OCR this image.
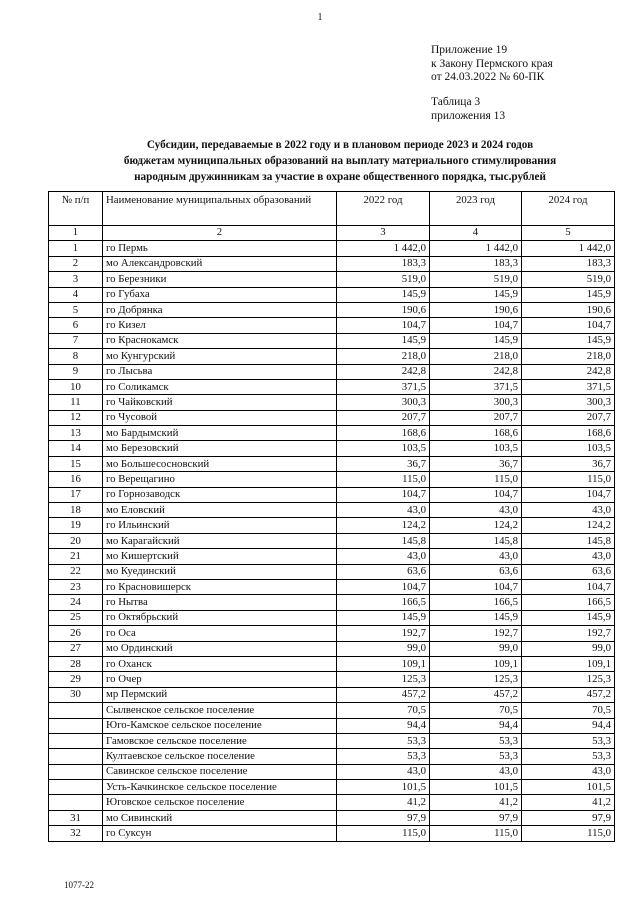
1
Приложение 19
к Закону Пермского края
от 24.03.2022 № 60-ПК
Таблица 3
приложения 13
Субсидии, передаваемые в 2022 году и в плановом периоде 2023 и 2024 годов
бюджетам муниципальных образований на выплату материального стимулирования
народным дружинникам за участие в охране общественного порядка, тыс.рублей
№ п/п	Наименование муниципальных образований	2022 год	2023 год	2024 год
1	2	3	4	5
1	го Пермь	1 442,0	1 442,0	1 442,0
2	мо Александровский	183,3	183,3	183,3
3	го Березники	519,0	519,0	519,0
4	го Губаха	145,9	145,9	145,9
5	го Добрянка	190,6	190,6	190,6
6	го Кизел	104,7	104,7	104,7
7	го Краснокамск	145,9	145,9	145,9
8	мо Кунгурский	218,0	218,0	218,0
9	го Лысьва	242,8	242,8	242,8
10	го Соликамск	371,5	371,5	371,5
11	го Чайковский	300,3	300,3	300,3
12	го Чусовой	207,7	207,7	207,7
13	мо Бардымский	168,6	168,6	168,6
14	мо Березовский	103,5	103,5	103,5
15	мо Большесосновский	36,7	36,7	36,7
16	го Верещагино	115,0	115,0	115,0
17	го Горнозаводск	104,7	104,7	104,7
18	мо Еловский	43,0	43,0	43,0
19	го Ильинский	124,2	124,2	124,2
20	мо Карагайский	145,8	145,8	145,8
21	мо Кишертский	43,0	43,0	43,0
22	мо Куединский	63,6	63,6	63,6
23	го Красновишерск	104,7	104,7	104,7
24	го Нытва	166,5	166,5	166,5
25	го Октябрьский	145,9	145,9	145,9
26	го Оса	192,7	192,7	192,7
27	мо Ординский	99,0	99,0	99,0
28	го Оханск	109,1	109,1	109,1
29	го Очер	125,3	125,3	125,3
30	мр Пермский	457,2	457,2	457,2
	Сылвенское сельское поселение	70,5	70,5	70,5
	Юго-Камское сельское поселение	94,4	94,4	94,4
	Гамовское сельское поселение	53,3	53,3	53,3
	Култаевское сельское поселение	53,3	53,3	53,3
	Савинское сельское поселение	43,0	43,0	43,0
	Усть-Качкинское сельское поселение	101,5	101,5	101,5
	Юговское сельское поселение	41,2	41,2	41,2
31	мо Сивинский	97,9	97,9	97,9
32	го Суксун	115,0	115,0	115,0
1077-22
